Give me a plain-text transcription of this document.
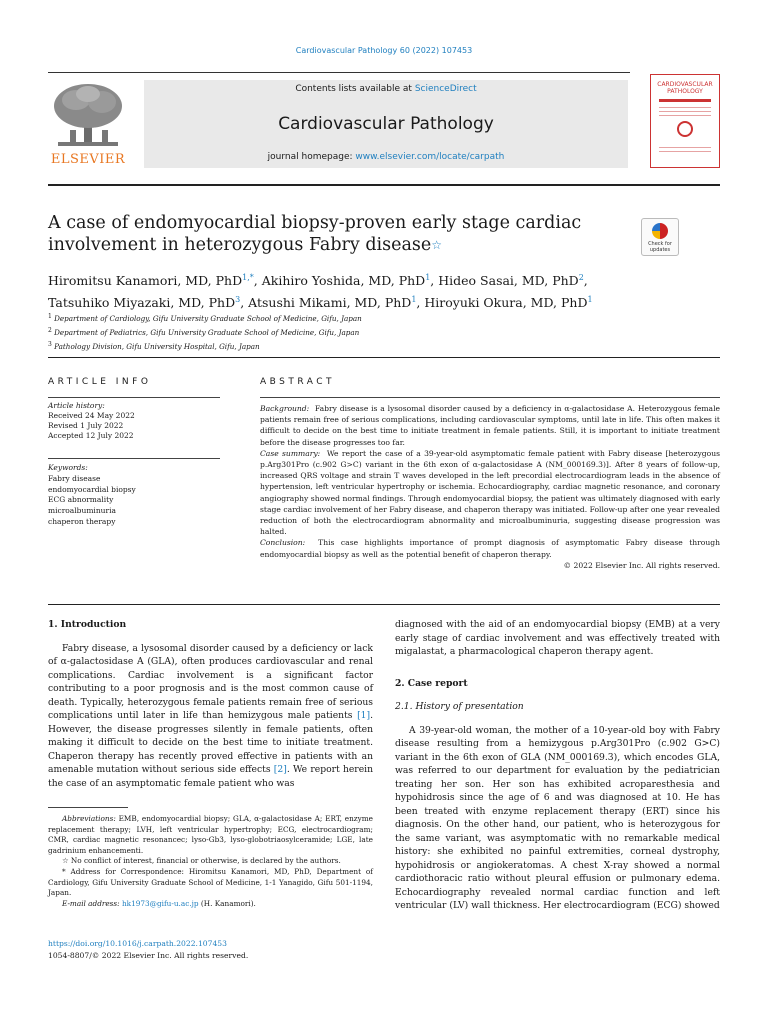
Cardiovascular Pathology 60 (2022) 107453
ELSEVIER
Contents lists available at ScienceDirect
Cardiovascular Pathology
journal homepage: www.elsevier.com/locate/carpath
CARDIOVASCULAR PATHOLOGY
A case of endomyocardial biopsy-proven early stage cardiac involvement in heterozygous Fabry disease☆	Check for updates
Hiromitsu Kanamori, MD, PhD$^{1,*}$, Akihiro Yoshida, MD, PhD$^1$, Hideo Sasai, MD, PhD$^2$,
Tatsuhiko Miyazaki, MD, PhD$^3$, Atsushi Mikami, MD, PhD$^1$, Hiroyuki Okura, MD, PhD$^1$
$^1$ Department of Cardiology, Gifu University Graduate School of Medicine, Gifu, Japan
$^2$ Department of Pediatrics, Gifu University Graduate School of Medicine, Gifu, Japan
$^3$ Pathology Division, Gifu University Hospital, Gifu, Japan
ARTICLE INFO	ABSTRACT
Article history:
Received 24 May 2022
Revised 1 July 2022
Accepted 12 July 2022
Keywords:
Fabry disease
endomyocardial biopsy
ECG abnormality
microalbuminuria
chaperon therapy
Background: Fabry disease is a lysosomal disorder caused by a deficiency in α-galactosidase A. Heterozygous female patients remain free of serious complications, including cardiovascular symptoms, until late in life. This often makes it difficult to decide on the best time to initiate treatment in female patients. Still, it is important to initiate treatment before the disease progresses too far.
Case summary: We report the case of a 39-year-old asymptomatic female patient with Fabry disease [heterozygous p.Arg301Pro (c.902 G>C) variant in the 6th exon of α-galactosidase A (NM_000169.3)]. After 8 years of follow-up, increased QRS voltage and strain T waves developed in the left precordial electrocardiogram leads in the absence of hypertension, left ventricular hypertrophy or ischemia. Echocardiography, cardiac magnetic resonance, and coronary angiography showed normal findings. Through endomyocardial biopsy, the patient was ultimately diagnosed with early stage cardiac involvement of her Fabry disease, and chaperon therapy was initiated. Follow-up after one year revealed reduction of both the electrocardiogram abnormality and microalbuminuria, suggesting disease progression was halted.
Conclusion: This case highlights importance of prompt diagnosis of asymptomatic Fabry disease through endomyocardial biopsy as well as the potential benefit of chaperon therapy.
© 2022 Elsevier Inc. All rights reserved.
1. Introduction
Fabry disease, a lysosomal disorder caused by a deficiency or lack of α-galactosidase A (GLA), often produces cardiovascular and renal complications. Cardiac involvement is a significant factor contributing to a poor prognosis and is the most common cause of death. Typically, heterozygous female patients remain free of serious complications until later in life than hemizygous male patients [1]. However, the disease progresses silently in female patients, often making it difficult to decide on the best time to initiate treatment. Chaperon therapy has recently proved effective in patients with an amenable mutation without serious side effects [2]. We report herein the case of an asymptomatic female patient who was

Abbreviations: EMB, endomyocardial biopsy; GLA, α-galactosidase A; ERT, enzyme replacement therapy; LVH, left ventricular hypertrophy; ECG, electrocardiogram; CMR, cardiac magnetic resonancec; lyso-Gb3, lyso-globotriaosylceramide; LGE, late gadrinium enhancementi.

☆ No conflict of interest, financial or otherwise, is declared by the authors.

* Address for Correspondence: Hiromitsu Kanamori, MD, PhD, Department of Cardiology, Gifu University Graduate School of Medicine, 1-1 Yanagido, Gifu 501-1194, Japan.

E-mail address: hk1973@gifu-u.ac.jp (H. Kanamori).

diagnosed with the aid of an endomyocardial biopsy (EMB) at a very early stage of cardiac involvement and was effectively treated with migalastat, a pharmacological chaperon therapy agent.
2. Case report
2.1. History of presentation
A 39-year-old woman, the mother of a 10-year-old boy with Fabry disease resulting from a hemizygous p.Arg301Pro (c.902 G>C) variant in the 6th exon of GLA (NM_000169.3), which encodes GLA, was referred to our department for evaluation by the pediatrician treating her son. Her son has exhibited acroparesthesia and hypohidrosis since the age of 6 and was diagnosed at 10. He has been treated with enzyme replacement therapy (ERT) since his diagnosis. On the other hand, our patient, who is heterozygous for the same variant, was asymptomatic with no remarkable medical history: she exhibited no painful extremities, corneal dystrophy, hypohidrosis or angiokeratomas. A chest X-ray showed a normal cardiothoracic ratio without pleural effusion or pulmonary edema. Echocardiography revealed normal cardiac function and left ventricular (LV) wall thickness. Her electrocardiogram (ECG) showed
https://doi.org/10.1016/j.carpath.2022.107453
1054-8807/© 2022 Elsevier Inc. All rights reserved.
